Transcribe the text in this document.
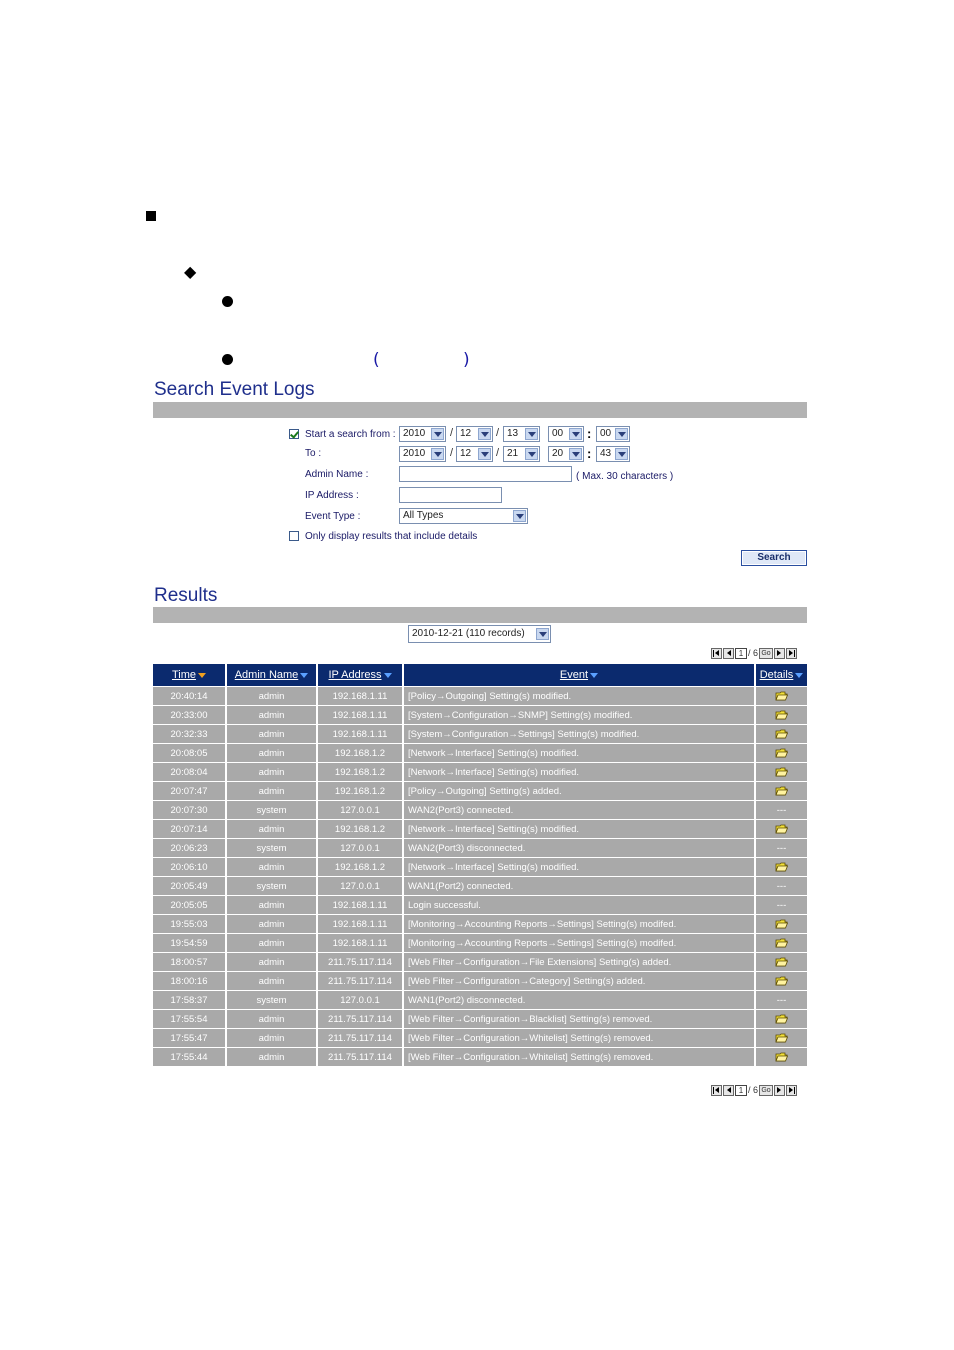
◆
(	)
Search Event Logs
Start a search from : 2010 / 12 / 13	00 : 00
To :	2010 / 12 / 21	20 : 43
Admin Name :	( Max. 30 characters )
IP Address :
Event Type :	All Types
Only display results that include details
Search
Results
2010-12-21 (110 records)
1 / 6 Go
Time	Admin Name	IP Address	Event	Details
20:40:14	admin	192.168.1.11	[Policy→Outgoing] Setting(s) modified.	
20:33:00	admin	192.168.1.11	[System→Configuration→SNMP] Setting(s) modified.	
20:32:33	admin	192.168.1.11	[System→Configuration→Settings] Setting(s) modified.	
20:08:05	admin	192.168.1.2	[Network→Interface] Setting(s) modified.	
20:08:04	admin	192.168.1.2	[Network→Interface] Setting(s) modified.	
20:07:47	admin	192.168.1.2	[Policy→Outgoing] Setting(s) added.	
20:07:30	system	127.0.0.1	WAN2(Port3) connected.	---
20:07:14	admin	192.168.1.2	[Network→Interface] Setting(s) modified.	
20:06:23	system	127.0.0.1	WAN2(Port3) disconnected.	---
20:06:10	admin	192.168.1.2	[Network→Interface] Setting(s) modified.	
20:05:49	system	127.0.0.1	WAN1(Port2) connected.	---
20:05:05	admin	192.168.1.11	Login successful.	---
19:55:03	admin	192.168.1.11	[Monitoring→Accounting Reports→Settings] Setting(s) modifed.	
19:54:59	admin	192.168.1.11	[Monitoring→Accounting Reports→Settings] Setting(s) modifed.	
18:00:57	admin	211.75.117.114	[Web Filter→Configuration→File Extensions] Setting(s) added.	
18:00:16	admin	211.75.117.114	[Web Filter→Configuration→Category] Setting(s) added.	
17:58:37	system	127.0.0.1	WAN1(Port2) disconnected.	---
17:55:54	admin	211.75.117.114	[Web Filter→Configuration→Blacklist] Setting(s) removed.	
17:55:47	admin	211.75.117.114	[Web Filter→Configuration→Whitelist] Setting(s) removed.	
17:55:44	admin	211.75.117.114	[Web Filter→Configuration→Whitelist] Setting(s) removed.	
1 / 6 Go
